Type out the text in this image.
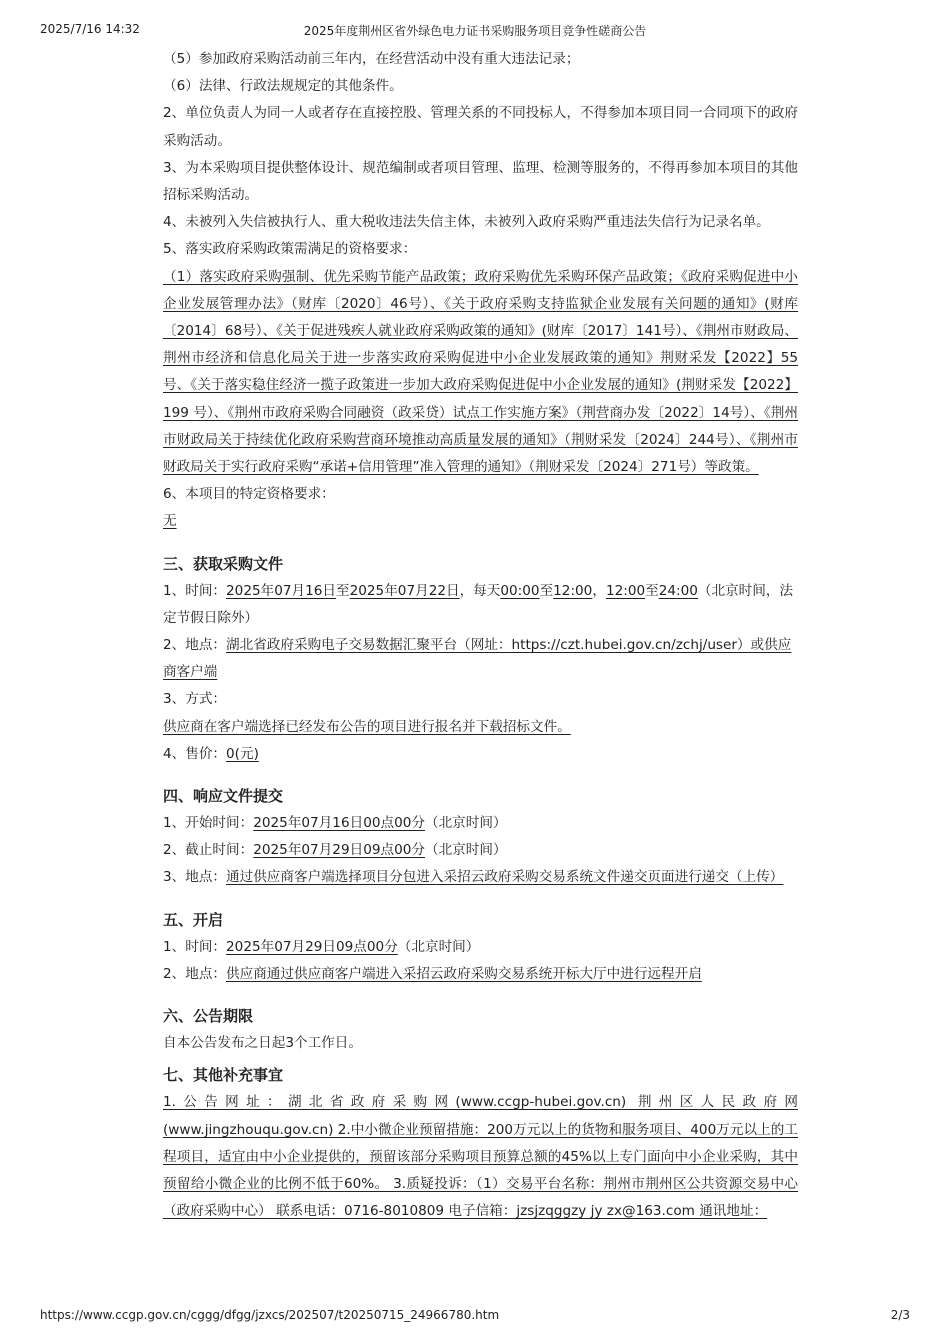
2025/7/16 14:32	2025年度荆州区省外绿色电力证书采购服务项目竞争性磋商公告

（5）参加政府采购活动前三年内，在经营活动中没有重大违法记录；

（6）法律、行政法规规定的其他条件。

2、单位负责人为同一人或者存在直接控股、管理关系的不同投标人，不得参加本项目同一合同项下的政府采购活动。

3、为本采购项目提供整体设计、规范编制或者项目管理、监理、检测等服务的，不得再参加本项目的其他招标采购活动。

4、未被列入失信被执行人、重大税收违法失信主体，未被列入政府采购严重违法失信行为记录名单。

5、落实政府采购政策需满足的资格要求：

（1）落实政府采购强制、优先采购节能产品政策；政府采购优先采购环保产品政策；《政府采购促进中小企业发展管理办法》（财库〔2020〕46号）、《关于政府采购支持监狱企业发展有关问题的通知》(财库〔2014〕68号）、《关于促进残疾人就业政府采购政策的通知》(财库〔2017〕141号）、《荆州市财政局、荆州市经济和信息化局关于进一步落实政府采购促进中小企业发展政策的通知》荆财采发【2022】55号、《关于落实稳住经济一揽子政策进一步加大政府采购促进促中小企业发展的通知》(荆财采发【2022】199 号）、《荆州市政府采购合同融资（政采贷）试点工作实施方案》（荆营商办发〔2022〕14号）、《荆州市财政局关于持续优化政府采购营商环境推动高质量发展的通知》（荆财采发〔2024〕244号）、《荆州市财政局关于实行政府采购“承诺+信用管理”准入管理的通知》（荆财采发〔2024〕271号）等政策。

6、本项目的特定资格要求：

无

三、获取采购文件

1、时间：2025年07月16日至2025年07月22日，每天00:00至12:00，12:00至24:00（北京时间，法定节假日除外）

2、地点：湖北省政府采购电子交易数据汇聚平台（网址：https://czt.hubei.gov.cn/zchj/user）或供应商客户端

3、方式：

供应商在客户端选择已经发布公告的项目进行报名并下载招标文件。

4、售价：0(元)

四、响应文件提交

1、开始时间：2025年07月16日00点00分（北京时间）

2、截止时间：2025年07月29日09点00分（北京时间）

3、地点：通过供应商客户端选择项目分包进入采招云政府采购交易系统文件递交页面进行递交（上传）

五、开启

1、时间：2025年07月29日09点00分（北京时间）

2、地点：供应商通过供应商客户端进入采招云政府采购交易系统开标大厅中进行远程开启

六、公告期限

自本公告发布之日起3个工作日。

七、其他补充事宜

1.公告网址：湖北省政府采购网(www.ccgp-hubei.gov.cn) 荆州区人民政府网(www.jingzhouqu.gov.cn) 2.中小微企业预留措施：200万元以上的货物和服务项目、400万元以上的工程项目，适宜由中小企业提供的，预留该部分采购项目预算总额的45%以上专门面向中小企业采购，其中预留给小微企业的比例不低于60%。 3.质疑投诉：（1）交易平台名称：荆州市荆州区公共资源交易中心（政府采购中心） 联系电话：0716-8010809 电子信箱：jzsjzqggzy jy zx@163.com 通讯地址：

https://www.ccgp.gov.cn/cggg/dfgg/jzxcs/202507/t20250715_24966780.htm	2/3
